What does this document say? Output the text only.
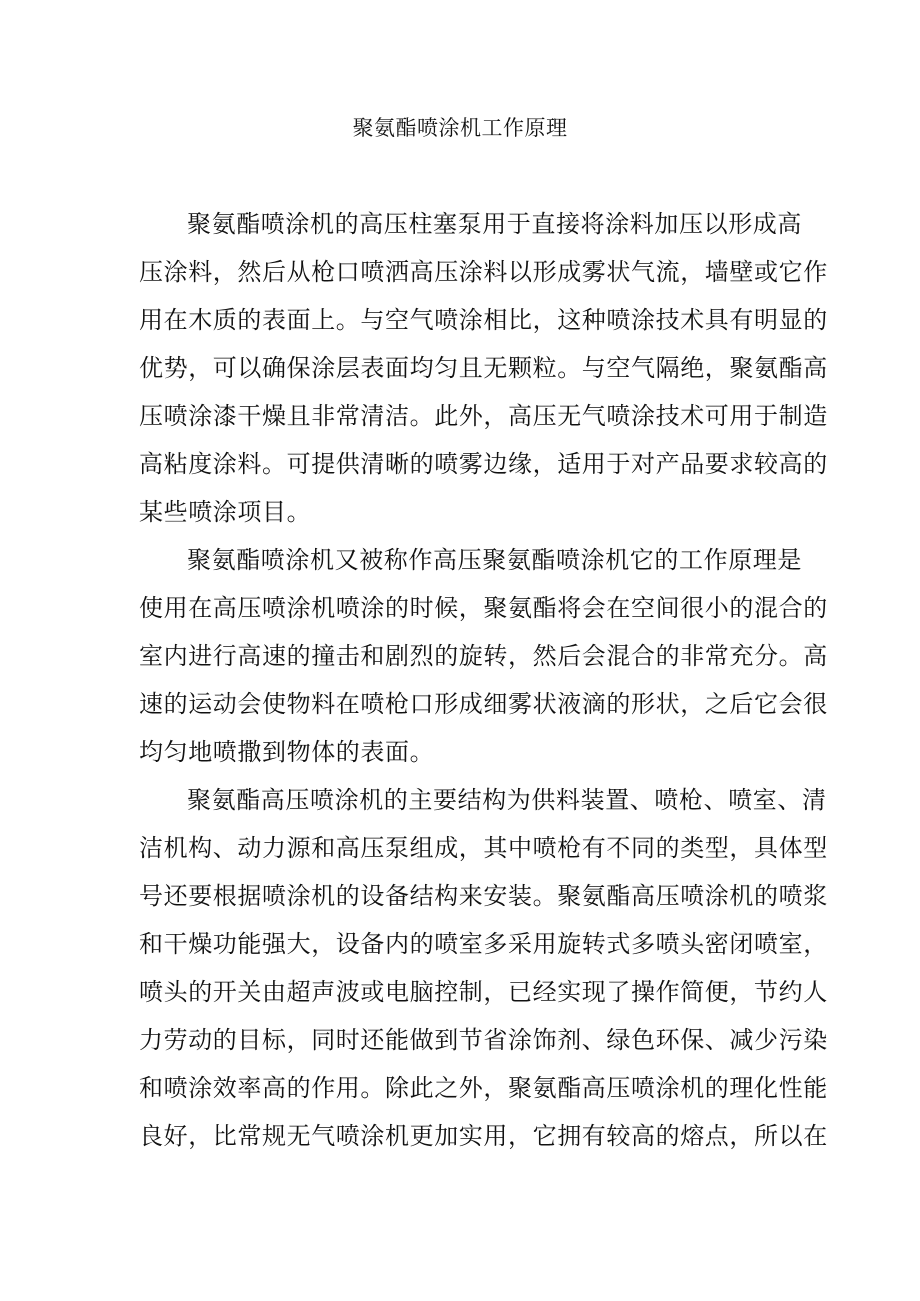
聚氨酯喷涂机工作原理
聚氨酯喷涂机的高压柱塞泵用于直接将涂料加压以形成高
压涂料，然后从枪口喷洒高压涂料以形成雾状气流，墙壁或它作
用在木质的表面上。与空气喷涂相比，这种喷涂技术具有明显的
优势，可以确保涂层表面均匀且无颗粒。与空气隔绝，聚氨酯高
压喷涂漆干燥且非常清洁。此外，高压无气喷涂技术可用于制造
高粘度涂料。可提供清晰的喷雾边缘，适用于对产品要求较高的
某些喷涂项目。
聚氨酯喷涂机又被称作高压聚氨酯喷涂机它的工作原理是
使用在高压喷涂机喷涂的时候，聚氨酯将会在空间很小的混合的
室内进行高速的撞击和剧烈的旋转，然后会混合的非常充分。高
速的运动会使物料在喷枪口形成细雾状液滴的形状，之后它会很
均匀地喷撒到物体的表面。
聚氨酯高压喷涂机的主要结构为供料装置、喷枪、喷室、清
洁机构、动力源和高压泵组成，其中喷枪有不同的类型，具体型
号还要根据喷涂机的设备结构来安装。聚氨酯高压喷涂机的喷浆
和干燥功能强大，设备内的喷室多采用旋转式多喷头密闭喷室，
喷头的开关由超声波或电脑控制，已经实现了操作简便，节约人
力劳动的目标，同时还能做到节省涂饰剂、绿色环保、减少污染
和喷涂效率高的作用。除此之外，聚氨酯高压喷涂机的理化性能
良好，比常规无气喷涂机更加实用，它拥有较高的熔点，所以在
